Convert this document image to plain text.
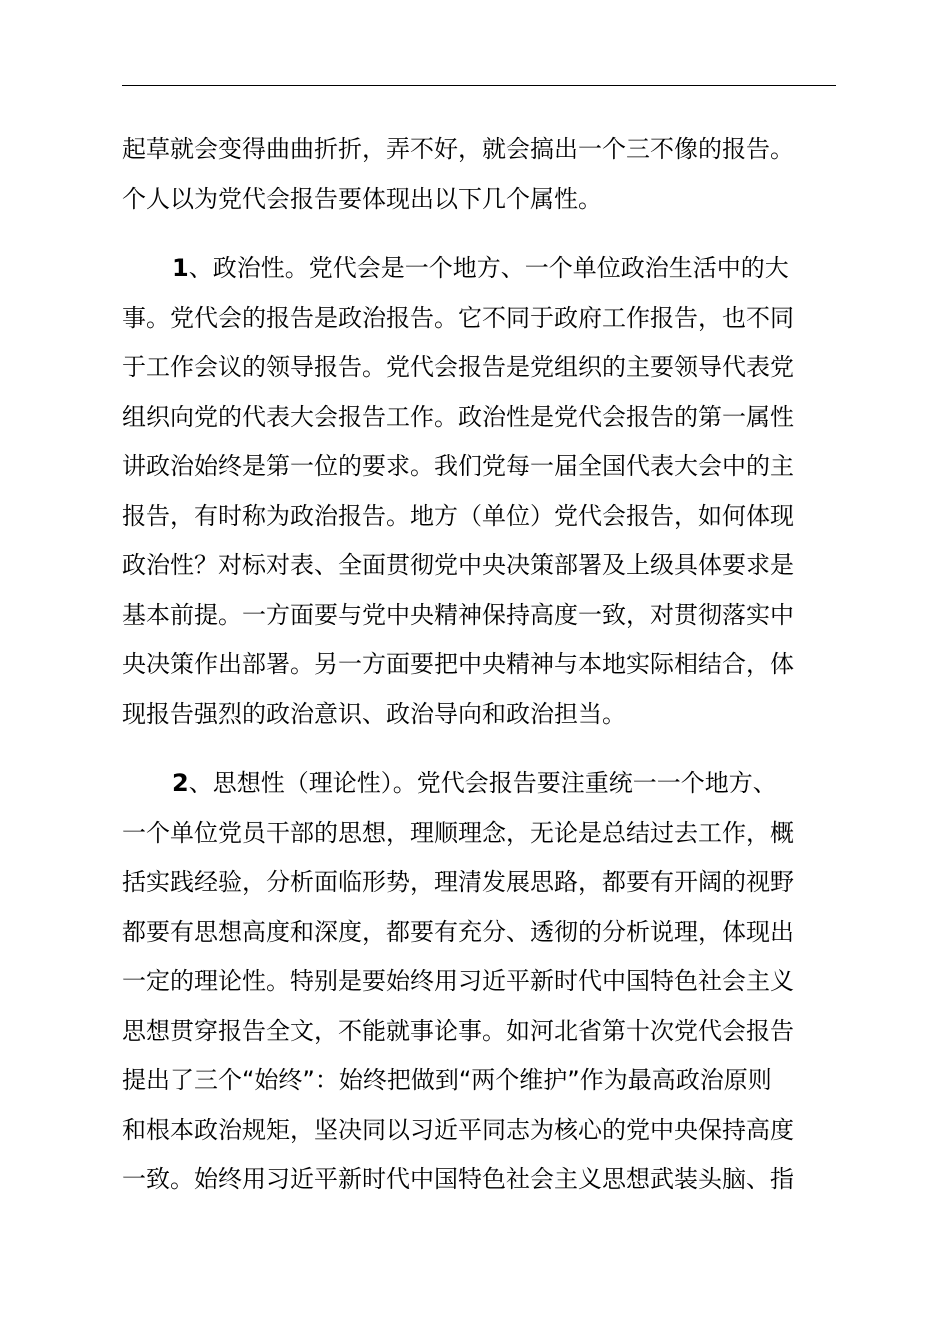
起草就会变得曲曲折折，弄不好，就会搞出一个三不像的报告。
个人以为党代会报告要体现出以下几个属性。
1、政治性。党代会是一个地方、一个单位政治生活中的大
事。党代会的报告是政治报告。它不同于政府工作报告，也不同
于工作会议的领导报告。党代会报告是党组织的主要领导代表党
组织向党的代表大会报告工作。政治性是党代会报告的第一属性
讲政治始终是第一位的要求。我们党每一届全国代表大会中的主
报告，有时称为政治报告。地方（单位）党代会报告，如何体现
政治性？对标对表、全面贯彻党中央决策部署及上级具体要求是
基本前提。一方面要与党中央精神保持高度一致，对贯彻落实中
央决策作出部署。另一方面要把中央精神与本地实际相结合，体
现报告强烈的政治意识、政治导向和政治担当。
2、思想性（理论性）。党代会报告要注重统一一个地方、
一个单位党员干部的思想，理顺理念，无论是总结过去工作，概
括实践经验，分析面临形势，理清发展思路，都要有开阔的视野
都要有思想高度和深度，都要有充分、透彻的分析说理，体现出
一定的理论性。特别是要始终用习近平新时代中国特色社会主义
思想贯穿报告全文，不能就事论事。如河北省第十次党代会报告
提出了三个“始终”：始终把做到“两个维护”作为最高政治原则
和根本政治规矩，坚决同以习近平同志为核心的党中央保持高度
一致。始终用习近平新时代中国特色社会主义思想武装头脑、指
